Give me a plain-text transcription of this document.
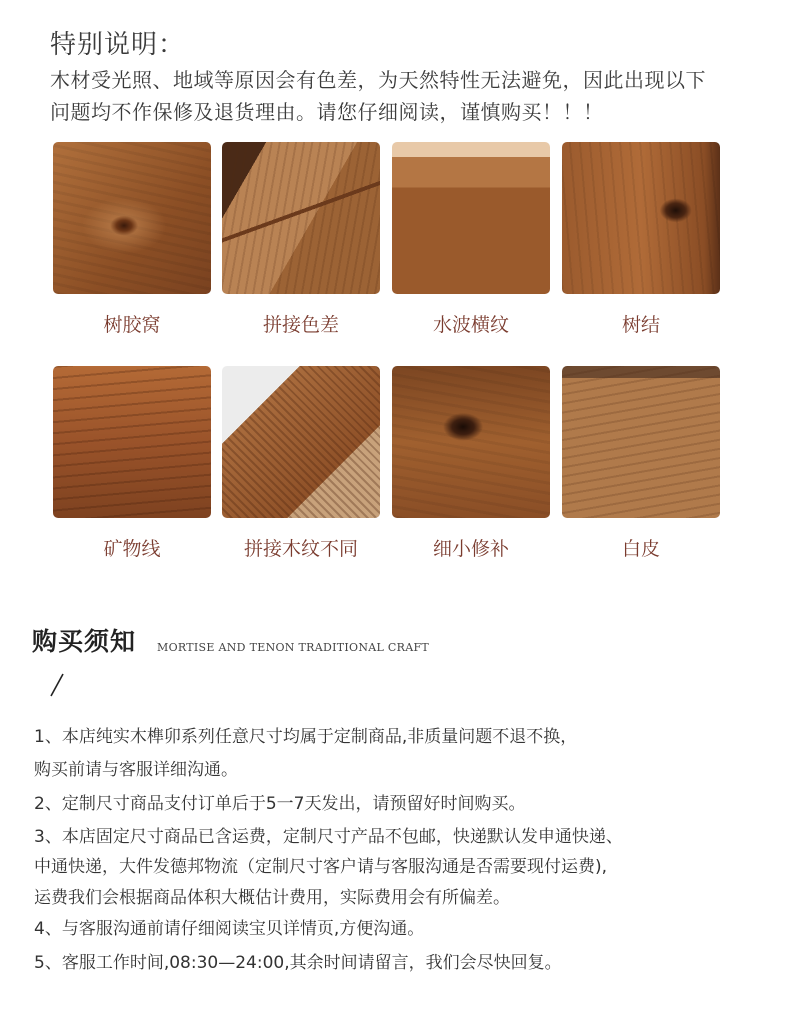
特别说明：
木材受光照、地域等原因会有色差，为天然特性无法避免，因此出现以下
问题均不作保修及退货理由。请您仔细阅读，谨慎购买！！！
树胶窝	拼接色差	水波横纹	树结
矿物线	拼接木纹不同	细小修补	白皮
购买须知 MORTISE AND TENON TRADITIONAL CRAFT
1、本店纯实木榫卯系列任意尺寸均属于定制商品,非质量问题不退不换，
购买前请与客服详细沟通。
2、定制尺寸商品支付订单后于5一7天发出，请预留好时间购买。
3、本店固定尺寸商品已含运费，定制尺寸产品不包邮，快递默认发申通快递、
中通快递，大件发德邦物流（定制尺寸客户请与客服沟通是否需要现付运费),
运费我们会根据商品体积大概估计费用，实际费用会有所偏差。
4、与客服沟通前请仔细阅读宝贝详情页,方便沟通。
5、客服工作时间,08:30—24:00,其余时间请留言，我们会尽快回复。
